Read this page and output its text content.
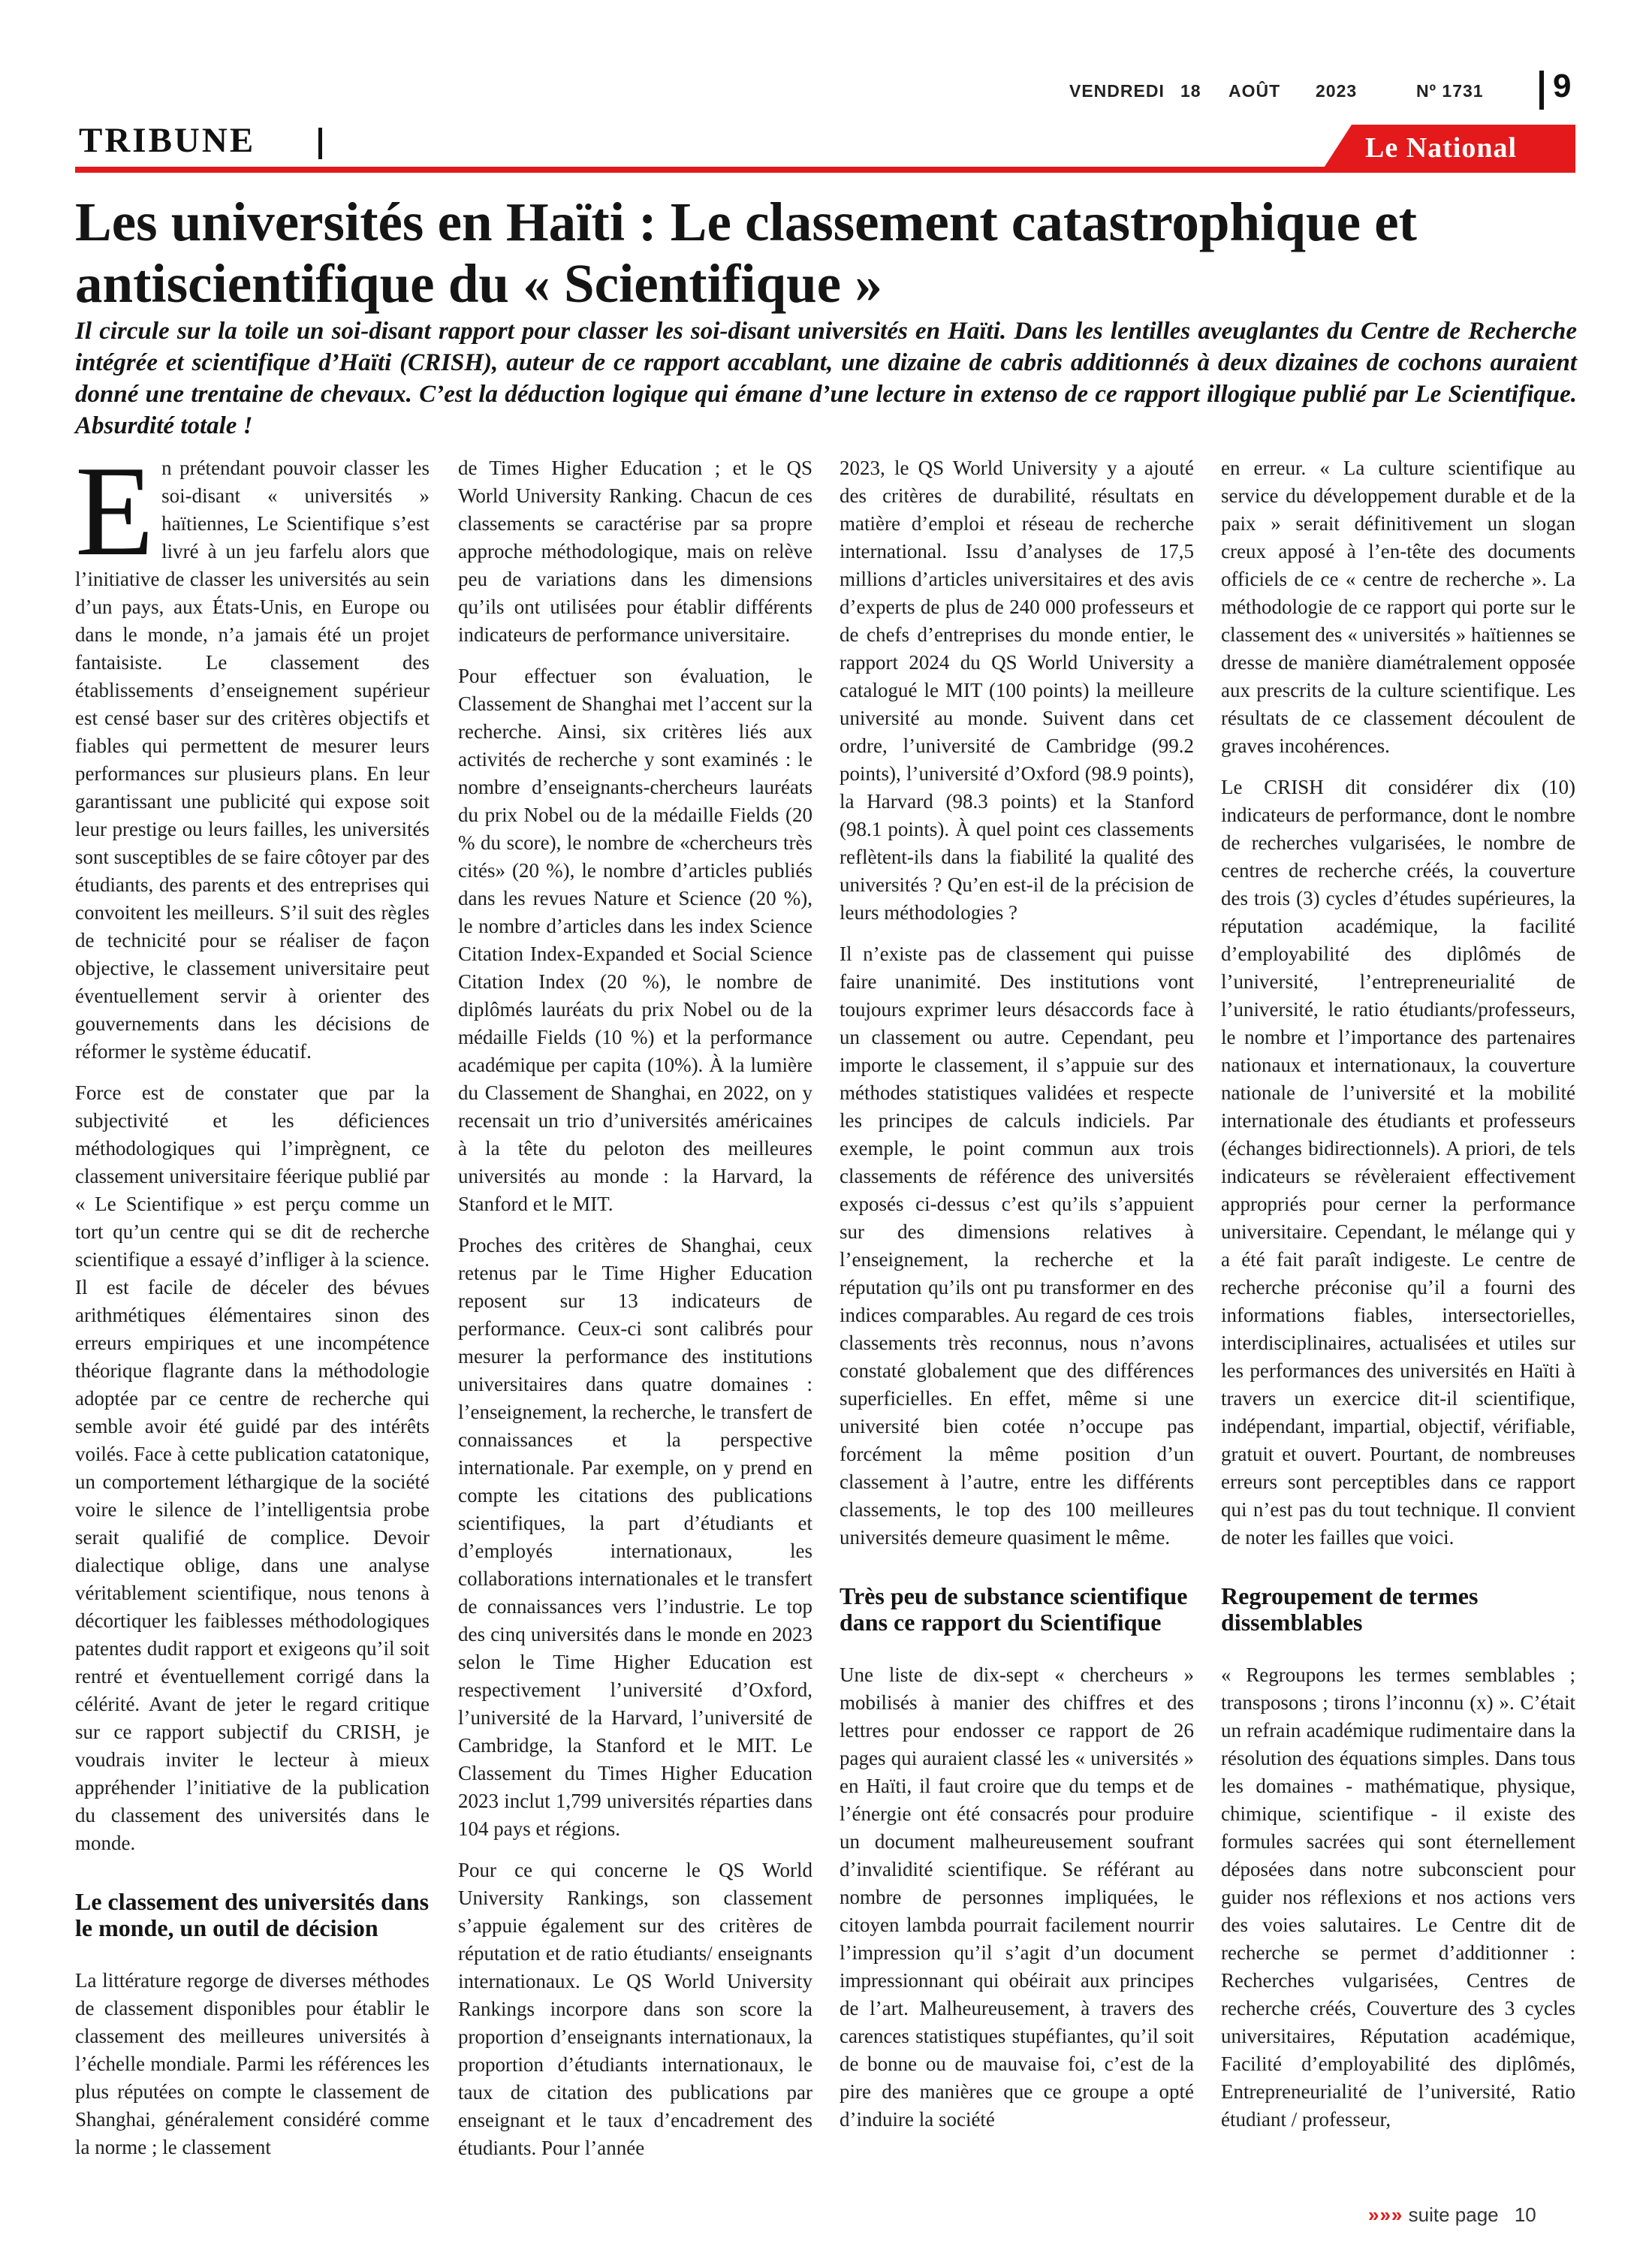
VENDREDI 18 AOÛT 2023	Nº 1731 9
TRIBUNE	Le National
Les universités en Haïti : Le classement catastrophique et antiscientifique du « Scientifique »

Il circule sur la toile un soi-disant rapport pour classer les soi-disant universités en Haïti. Dans les lentilles aveuglantes du Centre de Recherche intégrée et scientifique d’Haïti (CRISH), auteur de ce rapport accablant, une dizaine de cabris additionnés à deux dizaines de cochons auraient donné une trentaine de chevaux. C’est la déduction logique qui émane d’une lecture in extenso de ce rapport illogique publié par Le Scientifique. Absurdité totale !

En prétendant pouvoir classer les soi-disant « universités » haïtiennes, Le Scientifique s’est livré à un jeu farfelu alors que l’initiative de classer les universités au sein d’un pays, aux États-Unis, en Europe ou dans le monde, n’a jamais été un projet fantaisiste. Le classement des établissements d’enseignement supérieur est censé baser sur des critères objectifs et fiables qui permettent de mesurer leurs performances sur plusieurs plans. En leur garantissant une publicité qui expose soit leur prestige ou leurs failles, les universités sont susceptibles de se faire côtoyer par des étudiants, des parents et des entreprises qui convoitent les meilleurs. S’il suit des règles de technicité pour se réaliser de façon objective, le classement universitaire peut éventuellement servir à orienter des gouvernements dans les décisions de réformer le système éducatif.

Force est de constater que par la subjectivité et les déficiences méthodologiques qui l’imprègnent, ce classement universitaire féerique publié par « Le Scientifique » est perçu comme un tort qu’un centre qui se dit de recherche scientifique a essayé d’infliger à la science. Il est facile de déceler des bévues arithmétiques élémentaires sinon des erreurs empiriques et une incompétence théorique flagrante dans la méthodologie adoptée par ce centre de recherche qui semble avoir été guidé par des intérêts voilés. Face à cette publication catatonique, un comportement léthargique de la société voire le silence de l’intelligentsia probe serait qualifié de complice. Devoir dialectique oblige, dans une analyse véritablement scientifique, nous tenons à décortiquer les faiblesses méthodologiques patentes dudit rapport et exigeons qu’il soit rentré et éventuellement corrigé dans la célérité. Avant de jeter le regard critique sur ce rapport subjectif du CRISH, je voudrais inviter le lecteur à mieux appréhender l’initiative de la publication du classement des universités dans le monde.

Le classement des universités dans le monde, un outil de décision

La littérature regorge de diverses méthodes de classement disponibles pour établir le classement des meilleures universités à l’échelle mondiale. Parmi les références les plus réputées on compte le classement de Shanghai, généralement considéré comme la norme ; le classement

de Times Higher Education ; et le QS World University Ranking. Chacun de ces classements se caractérise par sa propre approche méthodologique, mais on relève peu de variations dans les dimensions qu’ils ont utilisées pour établir différents indicateurs de performance universitaire.

Pour effectuer son évaluation, le Classement de Shanghai met l’accent sur la recherche. Ainsi, six critères liés aux activités de recherche y sont examinés : le nombre d’enseignants-chercheurs lauréats du prix Nobel ou de la médaille Fields (20 % du score), le nombre de «chercheurs très cités» (20 %), le nombre d’articles publiés dans les revues Nature et Science (20 %), le nombre d’articles dans les index Science Citation Index-Expanded et Social Science Citation Index (20 %), le nombre de diplômés lauréats du prix Nobel ou de la médaille Fields (10 %) et la performance académique per capita (10%). À la lumière du Classement de Shanghai, en 2022, on y recensait un trio d’universités américaines à la tête du peloton des meilleures universités au monde : la Harvard, la Stanford et le MIT.

Proches des critères de Shanghai, ceux retenus par le Time Higher Education reposent sur 13 indicateurs de performance. Ceux-ci sont calibrés pour mesurer la performance des institutions universitaires dans quatre domaines : l’enseignement, la recherche, le transfert de connaissances et la perspective internationale. Par exemple, on y prend en compte les citations des publications scientifiques, la part d’étudiants et d’employés internationaux, les collaborations internationales et le transfert de connaissances vers l’industrie. Le top des cinq universités dans le monde en 2023 selon le Time Higher Education est respectivement l’université d’Oxford, l’université de la Harvard, l’université de Cambridge, la Stanford et le MIT. Le Classement du Times Higher Education 2023 inclut 1,799 universités réparties dans 104 pays et régions.

Pour ce qui concerne le QS World University Rankings, son classement s’appuie également sur des critères de réputation et de ratio étudiants/ enseignants internationaux. Le QS World University Rankings incorpore dans son score la proportion d’enseignants internationaux, la proportion d’étudiants internationaux, le taux de citation des publications par enseignant et le taux d’encadrement des étudiants. Pour l’année

2023, le QS World University y a ajouté des critères de durabilité, résultats en matière d’emploi et réseau de recherche international. Issu d’analyses de 17,5 millions d’articles universitaires et des avis d’experts de plus de 240 000 professeurs et de chefs d’entreprises du monde entier, le rapport 2024 du QS World University a catalogué le MIT (100 points) la meilleure université au monde. Suivent dans cet ordre, l’université de Cambridge (99.2 points), l’université d’Oxford (98.9 points), la Harvard (98.3 points) et la Stanford (98.1 points). À quel point ces classements reflètent-ils dans la fiabilité la qualité des universités ? Qu’en est-il de la précision de leurs méthodologies ?

Il n’existe pas de classement qui puisse faire unanimité. Des institutions vont toujours exprimer leurs désaccords face à un classement ou autre. Cependant, peu importe le classement, il s’appuie sur des méthodes statistiques validées et respecte les principes de calculs indiciels. Par exemple, le point commun aux trois classements de référence des universités exposés ci-dessus c’est qu’ils s’appuient sur des dimensions relatives à l’enseignement, la recherche et la réputation qu’ils ont pu transformer en des indices comparables. Au regard de ces trois classements très reconnus, nous n’avons constaté globalement que des différences superficielles. En effet, même si une université bien cotée n’occupe pas forcément la même position d’un classement à l’autre, entre les différents classements, le top des 100 meilleures universités demeure quasiment le même.

Très peu de substance scientifique dans ce rapport du Scientifique

Une liste de dix-sept « chercheurs » mobilisés à manier des chiffres et des lettres pour endosser ce rapport de 26 pages qui auraient classé les « universités » en Haïti, il faut croire que du temps et de l’énergie ont été consacrés pour produire un document malheureusement soufrant d’invalidité scientifique. Se référant au nombre de personnes impliquées, le citoyen lambda pourrait facilement nourrir l’impression qu’il s’agit d’un document impressionnant qui obéirait aux principes de l’art. Malheureusement, à travers des carences statistiques stupéfiantes, qu’il soit de bonne ou de mauvaise foi, c’est de la pire des manières que ce groupe a opté d’induire la société

en erreur. « La culture scientifique au service du développement durable et de la paix » serait définitivement un slogan creux apposé à l’en-tête des documents officiels de ce « centre de recherche ». La méthodologie de ce rapport qui porte sur le classement des « universités » haïtiennes se dresse de manière diamétralement opposée aux prescrits de la culture scientifique. Les résultats de ce classement découlent de graves incohérences.

Le CRISH dit considérer dix (10) indicateurs de performance, dont le nombre de recherches vulgarisées, le nombre de centres de recherche créés, la couverture des trois (3) cycles d’études supérieures, la réputation académique, la facilité d’employabilité des diplômés de l’université, l’entrepreneurialité de l’université, le ratio étudiants/professeurs, le nombre et l’importance des partenaires nationaux et internationaux, la couverture nationale de l’université et la mobilité internationale des étudiants et professeurs (échanges bidirectionnels). A priori, de tels indicateurs se révèleraient effectivement appropriés pour cerner la performance universitaire. Cependant, le mélange qui y a été fait paraît indigeste. Le centre de recherche préconise qu’il a fourni des informations fiables, intersectorielles, interdisciplinaires, actualisées et utiles sur les performances des universités en Haïti à travers un exercice dit-il scientifique, indépendant, impartial, objectif, vérifiable, gratuit et ouvert. Pourtant, de nombreuses erreurs sont perceptibles dans ce rapport qui n’est pas du tout technique. Il convient de noter les failles que voici.

Regroupement de termes dissemblables

« Regroupons les termes semblables ; transposons ; tirons l’inconnu (x) ». C’était un refrain académique rudimentaire dans la résolution des équations simples. Dans tous les domaines - mathématique, physique, chimique, scientifique - il existe des formules sacrées qui sont éternellement déposées dans notre subconscient pour guider nos réflexions et nos actions vers des voies salutaires. Le Centre dit de recherche se permet d’additionner : Recherches vulgarisées, Centres de recherche créés, Couverture des 3 cycles universitaires, Réputation académique, Facilité d’employabilité des diplômés, Entrepreneurialité de l’université, Ratio étudiant / professeur,

»»» suite page 10
